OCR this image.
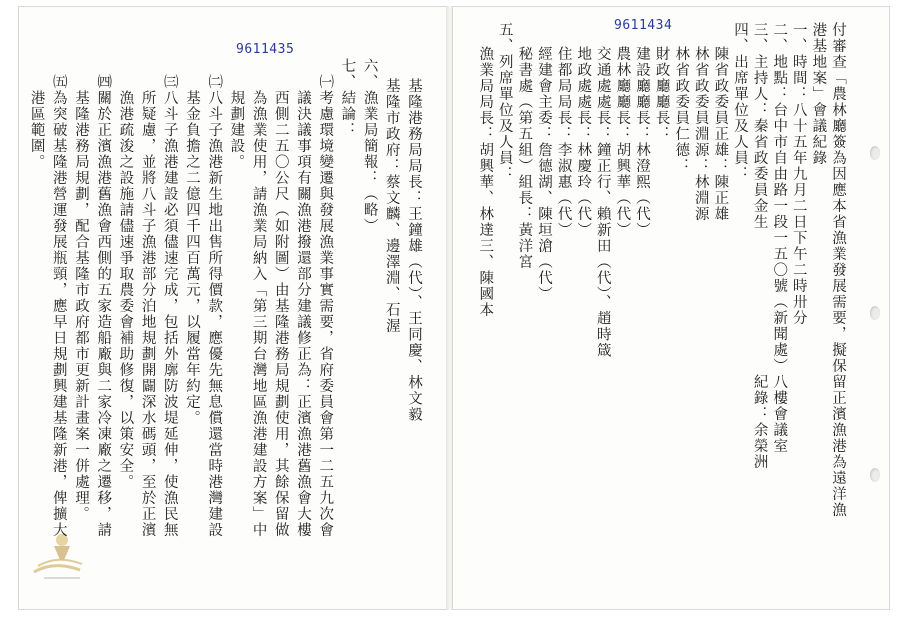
9611435
基隆港務局局長：王鐘雄（代）、王同慶、林文毅
基隆市政府：蔡文麟、邊澤淵、石渥
六、漁業局簡報：（略）
七、結論：
㈠考慮環境變遷與發展漁業事實需要，省府委員會第一二五九次會
議決議事項有關漁港撥還部分建議修正為：正濱漁港舊漁會大樓
西側二五〇公尺（如附圖）由基隆港務局規劃使用，其餘保留做
為漁業使用，請漁業局納入「第三期台灣地區漁港建設方案」中
規劃建設。
㈡八斗子漁港新生地出售所得價款，應優先無息償還當時港灣建設
基金負擔之二億四千四百萬元，以履當年約定。
㈢八斗子漁港建設必須儘速完成，包括外廓防波堤延伸，使漁民無
所疑慮，並將八斗子漁港部分泊地規劃開闢深水碼頭，至於正濱
漁港疏浚之設施請儘速爭取農委會補助修復，以策安全。
㈣關於正濱漁港舊漁會西側的五家造船廠與二家冷凍廠之遷移，請
基隆港務局規劃，配合基隆市政府都市更新計畫案一併處理。
㈤為突破基隆港營運發展瓶頸，應早日規劃興建基隆新港，俾擴大
港區範圍。
9611434	付審查「農林廳簽為因應本省漁業發展需要，擬保留正濱漁港為遠洋漁
港基地案」會議紀錄
一、時間：八十五年九月二日下午二時卅分
二、地點：台中市自由路一段一五〇號（新聞處）八樓會議室
三、主持人：秦省政委員金生　　　　　　　　　紀錄：余榮洲
四、出席單位及人員：
陳省政委員正雄：陳正雄
林省政委員淵源：林淵源
林省政委員仁德：
財政廳廳長：
建設廳廳長：林澄熙（代）
農林廳廳長：胡興華（代）
交通處處長：鐘正行、賴新田（代）、趙時箴
地政處處長：林慶玲（代）
住都局局長：李淑惠（代）
經建會主委：詹德湖、陳垣滄（代）
秘書處（第五組）組長：黃洋宮
五、列席單位及人員：
漁業局局長：胡興華、林達三、陳國本
